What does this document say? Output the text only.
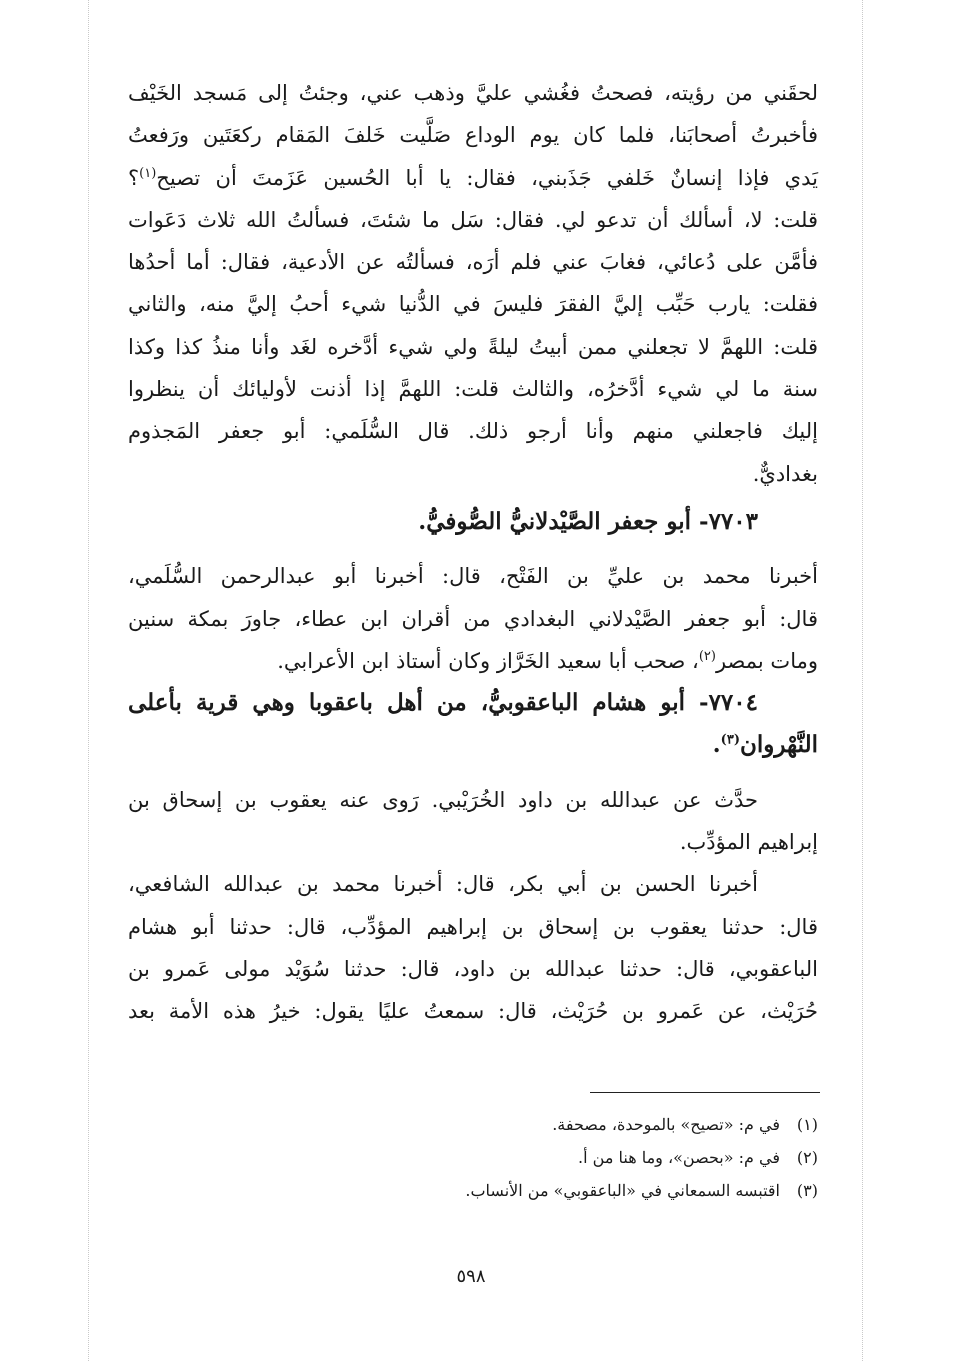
لحقَني من رؤيته، فصحتُ فغُشي عليَّ وذهب عني، وجئتُ إلى مَسجد الخَيْف
فأخبرتُ أصحابَنا، فلما كان يوم الوداع صَلَّيت خَلفَ المَقام ركعَتَين ورَفعتُ
يَدي فإذا إنسانٌ خَلفي جَذَبني، فقال: يا أبا الحُسين عَزَمتَ أن تصيح$^{(١)}$؟
قلت: لا، أسألك أن تدعو لي. فقال: سَل ما شئتَ، فسألتُ الله ثلاث دَعَوات
فأمَّن على دُعائي، فغابَ عني فلم أرَه، فسألتُه عن الأدعية، فقال: أما أحدُها
فقلت: يارب حَبِّب إليَّ الفقرَ فليسَ في الدُّنيا شيء أحبُ إليَّ منه، والثاني
قلت: اللهمَّ لا تجعلني ممن أبيتُ ليلةً ولي شيء أدَّخره لغَد وأنا منذُ كذا وكذا
سنة ما لي شيء أدَّخرُه، والثالث قلت: اللهمَّ إذا أذنت لأوليائك أن ينظروا
إليك فاجعلني منهم وأنا أرجو ذلك. قال السُّلَمي: أبو جعفر المَجذوم
بغداديٌّ.
٧٧٠٣- أبو جعفر الصَّيْدلانيُّ الصُّوفيُّ.
أخبرنا محمد بن عليِّ بن الفَتْح، قال: أخبرنا أبو عبدالرحمن السُّلَمي،
قال: أبو جعفر الصَّيْدلاني البغدادي من أقران ابن عطاء، جاورَ بمكة سنين
ومات بمصر$^{(٢)}$، صحب أبا سعيد الخَرَّاز وكان أستاذ ابن الأعرابي.
٧٧٠٤- أبو هشام الباعقوبيُّ، من أهل باعقوبا وهي قرية بأعلى
النَّهْروان$^{(٣)}$.
حدَّث عن عبدالله بن داود الخُرَيْبي. رَوى عنه يعقوب بن إسحاق بن
إبراهيم المؤدِّب.
أخبرنا الحسن بن أبي بكر، قال: أخبرنا محمد بن عبدالله الشافعي،
قال: حدثنا يعقوب بن إسحاق بن إبراهيم المؤدِّب، قال: حدثنا أبو هشام
الباعقوبي، قال: حدثنا عبدالله بن داود، قال: حدثنا سُوَيْد مولى عَمرو بن
حُرَيْث، عن عَمرو بن حُرَيْث، قال: سمعتُ عليًا يقول: خيرُ هذه الأمة بعد
(١)في م: «تصيح» بالموحدة، مصحفة.
(٢)في م: «بحصن»، وما هنا من أ.
(٣)اقتبسه السمعاني في «الباعقوبي» من الأنساب.
٥٩٨
